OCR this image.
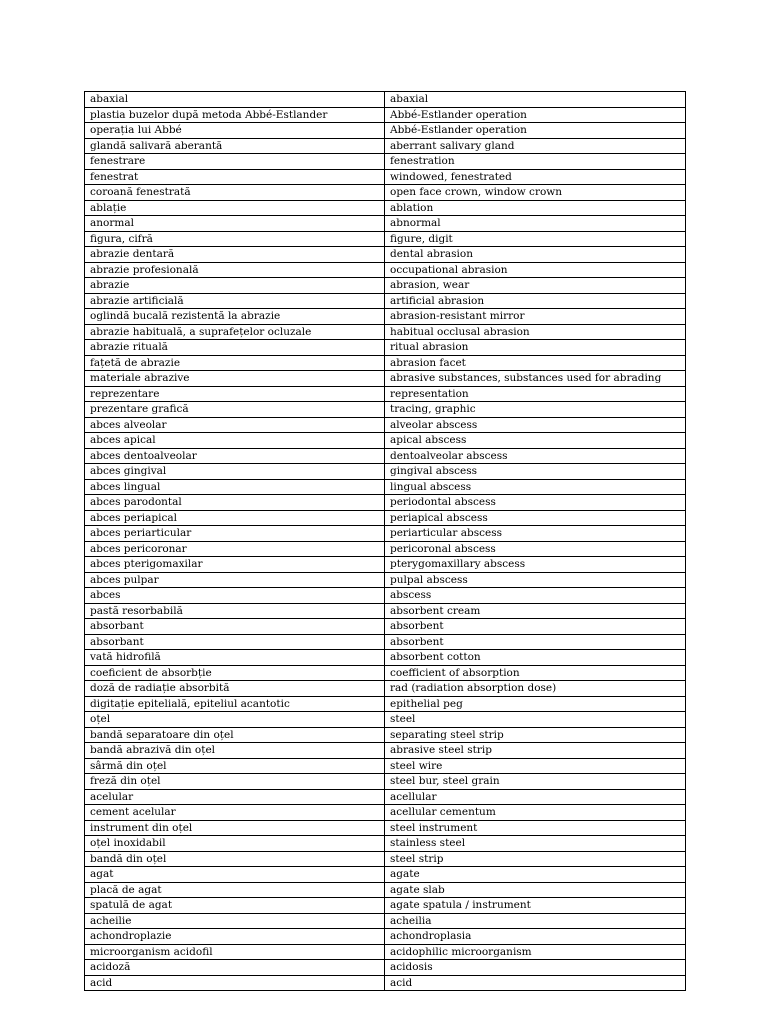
abaxial	abaxial
plastia buzelor după metoda Abbé-Estlander	Abbé-Estlander operation
operația lui Abbé	Abbé-Estlander operation
glandă salivară aberantă	aberrant salivary gland
fenestrare	fenestration
fenestrat	windowed, fenestrated
coroană fenestrată	open face crown, window crown
ablație	ablation
anormal	abnormal
figura, cifră	figure, digit
abrazie dentară	dental abrasion
abrazie profesională	occupational abrasion
abrazie	abrasion, wear
abrazie artificială	artificial abrasion
oglindă bucală rezistentă la abrazie	abrasion-resistant mirror
abrazie habituală, a suprafețelor ocluzale	habitual occlusal abrasion
abrazie rituală	ritual abrasion
fațetă de abrazie	abrasion facet
materiale abrazive	abrasive substances, substances used for abrading
reprezentare	representation
prezentare grafică	tracing, graphic
abces alveolar	alveolar abscess
abces apical	apical abscess
abces dentoalveolar	dentoalveolar abscess
abces gingival	gingival abscess
abces lingual	lingual abscess
abces parodontal	periodontal abscess
abces periapical	periapical abscess
abces periarticular	periarticular abscess
abces pericoronar	pericoronal abscess
abces pterigomaxilar	pterygomaxillary abscess
abces pulpar	pulpal abscess
abces	abscess
pastă resorbabilă	absorbent cream
absorbant	absorbent
absorbant	absorbent
vată hidrofilă	absorbent cotton
coeficient de absorbție	coefficient of absorption
doză de radiație absorbită	rad (radiation absorption dose)
digitație epitelială, epiteliul acantotic	epithelial peg
oțel	steel
bandă separatoare din oțel	separating steel strip
bandă abrazivă din oțel	abrasive steel strip
sârmă din oțel	steel wire
freză din oțel	steel bur, steel grain
acelular	acellular
cement acelular	acellular cementum
instrument din oțel	steel instrument
oțel inoxidabil	stainless steel
bandă din oțel	steel strip
agat	agate
placă de agat	agate slab
spatulă de agat	agate spatula / instrument
acheilie	acheilia
achondroplazie	achondroplasia
microorganism acidofil	acidophilic microorganism
acidoză	acidosis
acid	acid
